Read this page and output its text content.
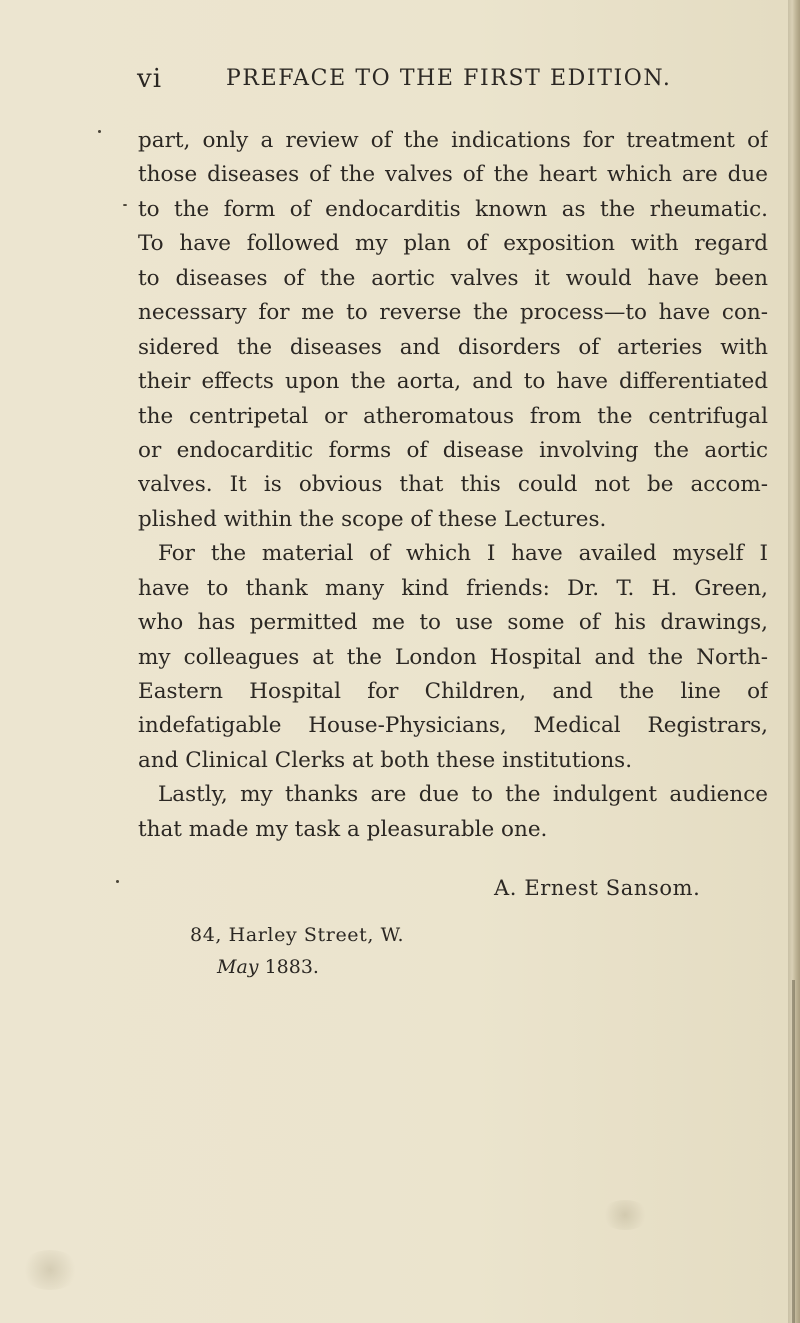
vi	PREFACE TO THE FIRST EDITION.
part, only a review of the indications for treatment of
those diseases of the valves of the heart which are due
to the form of endocarditis known as the rheumatic.
To have followed my plan of exposition with regard
to diseases of the aortic valves it would have been
necessary for me to reverse the process—to have con-
sidered the diseases and disorders of arteries with
their effects upon the aorta, and to have differentiated
the centripetal or atheromatous from the centrifugal
or endocarditic forms of disease involving the aortic
valves. It is obvious that this could not be accom-
plished within the scope of these Lectures.
For the material of which I have availed myself I
have to thank many kind friends: Dr. T. H. Green,
who has permitted me to use some of his drawings,
my colleagues at the London Hospital and the North-
Eastern Hospital for Children, and the line of
indefatigable House-Physicians, Medical Registrars,
and Clinical Clerks at both these institutions.
Lastly, my thanks are due to the indulgent audience
that made my task a pleasurable one.
A. Ernest Sansom.
84, Harley Street, W.
May 1883.
